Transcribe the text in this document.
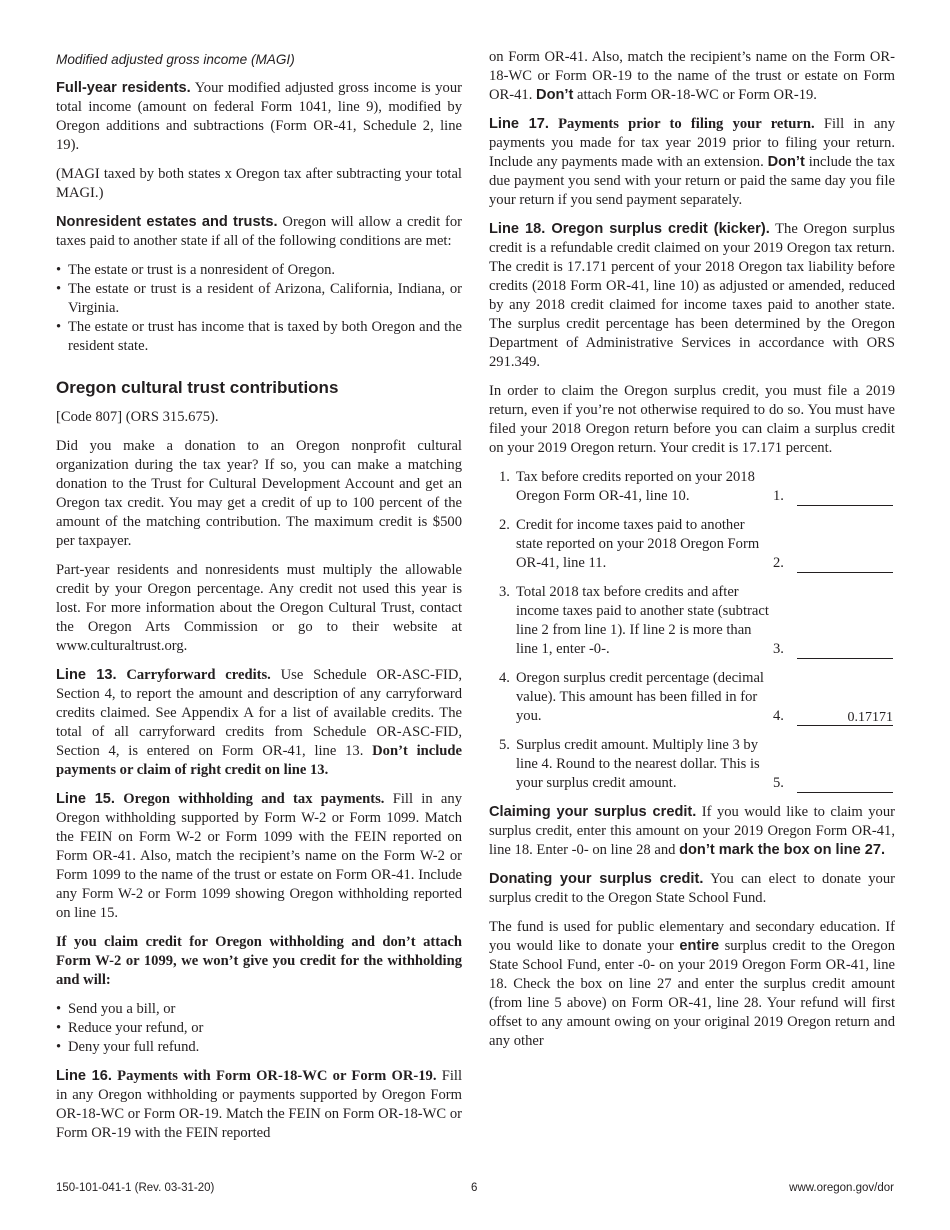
Modified adjusted gross income (MAGI)

Full-year residents. Your modified adjusted gross income is your total income (amount on federal Form 1041, line 9), modified by Oregon additions and subtractions (Form OR-41, Schedule 2, line 19).

(MAGI taxed by both states x Oregon tax after subtracting your total MAGI.)

Nonresident estates and trusts. Oregon will allow a credit for taxes paid to another state if all of the following conditions are met:

• The estate or trust is a nonresident of Oregon.
• The estate or trust is a resident of Arizona, California, Indiana, or Virginia.
• The estate or trust has income that is taxed by both Oregon and the resident state.
Oregon cultural trust contributions

[Code 807] (ORS 315.675).

Did you make a donation to an Oregon nonprofit cultural organization during the tax year? If so, you can make a matching donation to the Trust for Cultural Development Account and get an Oregon tax credit. You may get a credit of up to 100 percent of the amount of the matching contribution. The maximum credit is $500 per taxpayer.

Part-year residents and nonresidents must multiply the allowable credit by your Oregon percentage. Any credit not used this year is lost. For more information about the Oregon Cultural Trust, contact the Oregon Arts Commission or go to their website at www.culturaltrust.org.

Line 13. Carryforward credits. Use Schedule OR-ASC-FID, Section 4, to report the amount and description of any carryforward credits claimed. See Appendix A for a list of available credits. The total of all carryforward credits from Schedule OR-ASC-FID, Section 4, is entered on Form OR-41, line 13. Don’t include payments or claim of right credit on line 13.

Line 15. Oregon withholding and tax payments. Fill in any Oregon withholding supported by Form W-2 or Form 1099. Match the FEIN on Form W-2 or Form 1099 with the FEIN reported on Form OR-41. Also, match the recipient’s name on the Form W-2 or Form 1099 to the name of the trust or estate on Form OR-41. Include any Form W-2 or Form 1099 showing Oregon withholding reported on line 15.

If you claim credit for Oregon withholding and don’t attach Form W-2 or 1099, we won’t give you credit for the withholding and will:

• Send you a bill, or
• Reduce your refund, or
• Deny your full refund.

Line 16. Payments with Form OR-18-WC or Form OR-19. Fill in any Oregon withholding or payments supported by Oregon Form OR-18-WC or Form OR-19. Match the FEIN on Form OR-18-WC or Form OR-19 with the FEIN reported

on Form OR-41. Also, match the recipient’s name on the Form OR-18-WC or Form OR-19 to the name of the trust or estate on Form OR-41. Don’t attach Form OR-18-WC or Form OR-19.

Line 17. Payments prior to filing your return. Fill in any payments you made for tax year 2019 prior to filing your return. Include any payments made with an extension. Don’t include the tax due payment you send with your return or paid the same day you file your return if you send payment separately.

Line 18. Oregon surplus credit (kicker). The Oregon surplus credit is a refundable credit claimed on your 2019 Oregon tax return. The credit is 17.171 percent of your 2018 Oregon tax liability before credits (2018 Form OR-41, line 10) as adjusted or amended, reduced by any 2018 credit claimed for income taxes paid to another state. The surplus credit percentage has been determined by the Oregon Department of Administrative Services in accordance with ORS 291.349.

In order to claim the Oregon surplus credit, you must file a 2019 return, even if you’re not otherwise required to do so. You must have filed your 2018 Oregon return before you can claim a surplus credit on your 2019 Oregon return. Your credit is 17.171 percent.

1. Tax before credits reported on your 2018 Oregon Form OR-41, line 10.	1.
2. Credit for income taxes paid to another state reported on your 2018 Oregon Form OR-41, line 11.	2.
3. Total 2018 tax before credits and after income taxes paid to another state (subtract line 2 from line 1). If line 2 is more than line 1, enter -0-.	3.
4. Oregon surplus credit percentage (decimal value). This amount has been filled in for you.	4.	0.17171
5. Surplus credit amount. Multiply line 3 by line 4. Round to the nearest dollar. This is your surplus credit amount.	5.

Claiming your surplus credit. If you would like to claim your surplus credit, enter this amount on your 2019 Oregon Form OR-41, line 18. Enter -0- on line 28 and don’t mark the box on line 27.

Donating your surplus credit. You can elect to donate your surplus credit to the Oregon State School Fund.

The fund is used for public elementary and secondary education. If you would like to donate your entire surplus credit to the Oregon State School Fund, enter -0- on your 2019 Oregon Form OR-41, line 18. Check the box on line 27 and enter the surplus credit amount (from line 5 above) on Form OR-41, line 28. Your refund will first offset to any amount owing on your original 2019 Oregon return and any other

150-101-041-1 (Rev. 03-31-20)	6	www.oregon.gov/dor
